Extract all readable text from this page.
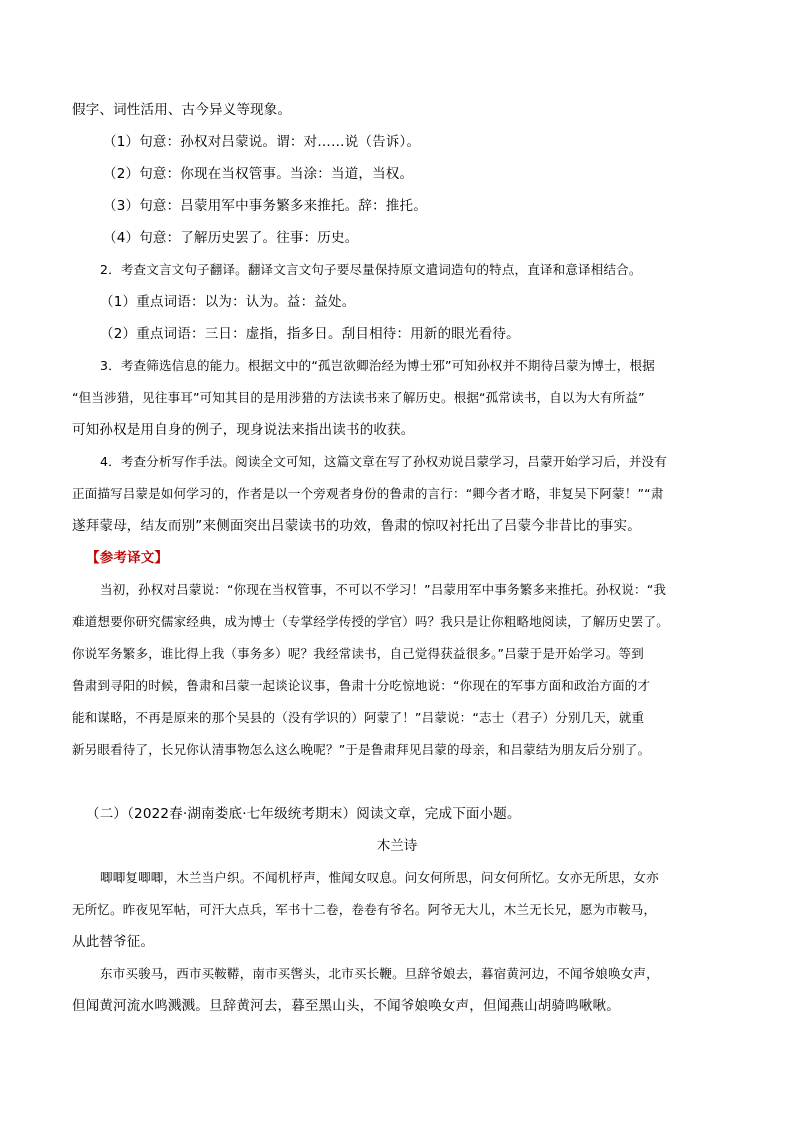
假字、词性活用、古今异义等现象。
（1）句意：孙权对吕蒙说。谓：对……说（告诉）。
（2）句意：你现在当权管事。当涂：当道，当权。
（3）句意：吕蒙用军中事务繁多来推托。辞：推托。
（4）句意：了解历史罢了。往事：历史。
2．考查文言文句子翻译。翻译文言文句子要尽量保持原文遣词造句的特点，直译和意译相结合。
（1）重点词语：以为：认为。益：益处。
（2）重点词语：三日：虚指，指多日。刮目相待：用新的眼光看待。
3．考查筛选信息的能力。根据文中的“孤岂欲卿治经为博士邪”可知孙权并不期待吕蒙为博士，根据
“但当涉猎，见往事耳”可知其目的是用涉猎的方法读书来了解历史。根据“孤常读书，自以为大有所益”
可知孙权是用自身的例子，现身说法来指出读书的收获。
4．考查分析写作手法。阅读全文可知，这篇文章在写了孙权劝说吕蒙学习，吕蒙开始学习后，并没有
正面描写吕蒙是如何学习的，作者是以一个旁观者身份的鲁肃的言行：“卿今者才略，非复吴下阿蒙！”“肃
遂拜蒙母，结友而别”来侧面突出吕蒙读书的功效，鲁肃的惊叹衬托出了吕蒙今非昔比的事实。
【参考译文】
当初，孙权对吕蒙说：“你现在当权管事，不可以不学习！”吕蒙用军中事务繁多来推托。孙权说：“我
难道想要你研究儒家经典，成为博士（专掌经学传授的学官）吗？我只是让你粗略地阅读，了解历史罢了。
你说军务繁多，谁比得上我（事务多）呢？我经常读书，自己觉得获益很多。”吕蒙于是开始学习。等到
鲁肃到寻阳的时候，鲁肃和吕蒙一起谈论议事，鲁肃十分吃惊地说：“你现在的军事方面和政治方面的才
能和谋略，不再是原来的那个吴县的（没有学识的）阿蒙了！”吕蒙说：“志士（君子）分别几天，就重
新另眼看待了，长兄你认清事物怎么这么晚呢？”于是鲁肃拜见吕蒙的母亲，和吕蒙结为朋友后分别了。
（二）（2022春·湖南娄底·七年级统考期末）阅读文章，完成下面小题。
木兰诗
唧唧复唧唧，木兰当户织。不闻机杼声，惟闻女叹息。问女何所思，问女何所忆。女亦无所思，女亦
无所忆。昨夜见军帖，可汗大点兵，军书十二卷，卷卷有爷名。阿爷无大儿，木兰无长兄，愿为市鞍马，
从此替爷征。
东市买骏马，西市买鞍鞯，南市买辔头，北市买长鞭。旦辞爷娘去，暮宿黄河边，不闻爷娘唤女声，
但闻黄河流水鸣溅溅。旦辞黄河去，暮至黑山头，不闻爷娘唤女声，但闻燕山胡骑鸣啾啾。
